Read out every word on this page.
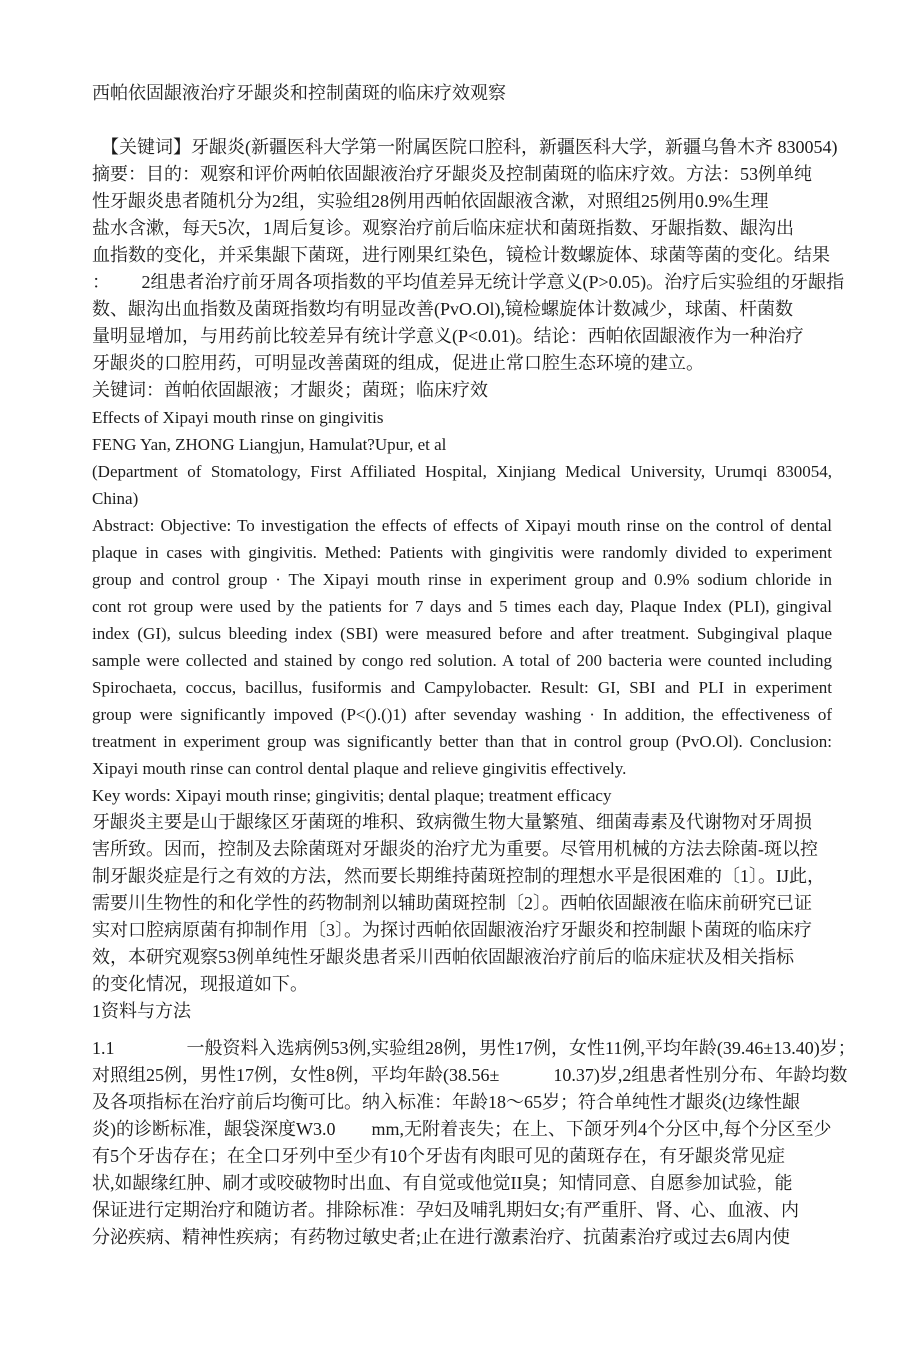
西帕依固龈液治疗牙龈炎和控制菌斑的临床疗效观察
【关键词】牙龈炎(新疆医科大学第一附属医院口腔科，新疆医科大学，新疆乌鲁木齐 830054)
摘要：目的：观察和评价两帕依固龈液治疗牙龈炎及控制菌斑的临床疗效。方法：53例单纯
性牙龈炎患者随机分为2组，实验组28例用西帕依固龈液含漱，对照组25例用0.9%生理
盐水含漱，每天5次，1周后复诊。观察治疗前后临床症状和菌斑指数、牙龈指数、龈沟出
血指数的变化，并采集龈下菌斑，进行刚果红染色，镜检计数螺旋体、球菌等菌的变化。结果
：　　 2组患者治疗前牙周各项指数的平均值差异无统计学意义(P>0.05)。治疗后实验组的牙龈指
数、龈沟出血指数及菌斑指数均有明显改善(PvO.Ol),镜检螺旋体计数减少，球菌、杆菌数
量明显增加，与用药前比较差异有统计学意义(P<0.01)。结论：西帕依固龈液作为一种治疗
牙龈炎的口腔用药，可明显改善菌斑的组成，促进止常口腔生态环境的建立。
关键词：酋帕依固龈液；才龈炎；菌斑；临床疗效
Effects of Xipayi mouth rinse on gingivitis
FENG Yan, ZHONG Liangjun, Hamulat?Upur, et al
(Department of Stomatology, First Affiliated Hospital, Xinjiang Medical University, Urumqi 830054,
China)
Abstract: Objective: To investigation the effects of effects of Xipayi mouth rinse on the control of dental
plaque in cases with gingivitis. Methed: Patients with gingivitis were randomly divided to experiment
group and control group · The Xipayi mouth rinse in experiment group and 0.9% sodium chloride in
cont rot group were used by the patients for 7 days and 5 times each day, Plaque Index (PLI), gingival
index (GI), sulcus bleeding index (SBI) were measured before and after treatment. Subgingival plaque
sample were collected and stained by congo red solution. A total of 200 bacteria were counted including
Spirochaeta, coccus, bacillus, fusiformis and Campylobacter. Result: GI, SBI and PLI in experiment
group were significantly impoved (P<().()1) after sevenday washing · In addition, the effectiveness of
treatment in experiment group was significantly better than that in control group (PvO.Ol). Conclusion:
Xipayi mouth rinse can control dental plaque and relieve gingivitis effectively.
Key words: Xipayi mouth rinse; gingivitis; dental plaque; treatment efficacy
牙龈炎主要是山于龈缘区牙菌斑的堆积、致病微生物大量繁殖、细菌毒素及代谢物对牙周损
害所致。因而，控制及去除菌斑对牙龈炎的治疗尤为重要。尽管用机械的方法去除菌-斑以控
制牙龈炎症是行之有效的方法，然而要长期维持菌斑控制的理想水平是很困难的〔1〕。IJ此，
需要川生物性的和化学性的药物制剂以辅助菌斑控制〔2〕。西帕依固龈液在临床前研究已证
实对口腔病原菌有抑制作用〔3〕。为探讨西帕依固龈液治疗牙龈炎和控制龈卜菌斑的临床疗
效，本研究观察53例单纯性牙龈炎患者采川西帕依固龈液治疗前后的临床症状及相关指标
的变化情况，现报道如下。
1资料与方法
1.1　　　　一般资料入选病例53例,实验组28例，男性17例，女性11例,平均年龄(39.46±13.40)岁；
对照组25例，男性17例，女性8例，平均年龄(38.56±　　　10.37)岁,2组患者性别分布、年龄均数
及各项指标在治疗前后均衡可比。纳入标准：年龄18～65岁；符合单纯性才龈炎(边缘性龈
炎)的诊断标准，龈袋深度W3.0　　mm,无附着丧失；在上、下颌牙列4个分区中,每个分区至少
有5个牙齿存在；在全口牙列中至少有10个牙齿有肉眼可见的菌斑存在，有牙龈炎常见症
状,如龈缘红肿、刷才或咬破物时出血、有自觉或他觉II臭；知情同意、自愿参加试验，能
保证进行定期治疗和随访者。排除标准：孕妇及哺乳期妇女;有严重肝、肾、心、血液、内
分泌疾病、精神性疾病；有药物过敏史者;止在进行激素治疗、抗菌素治疗或过去6周内使
